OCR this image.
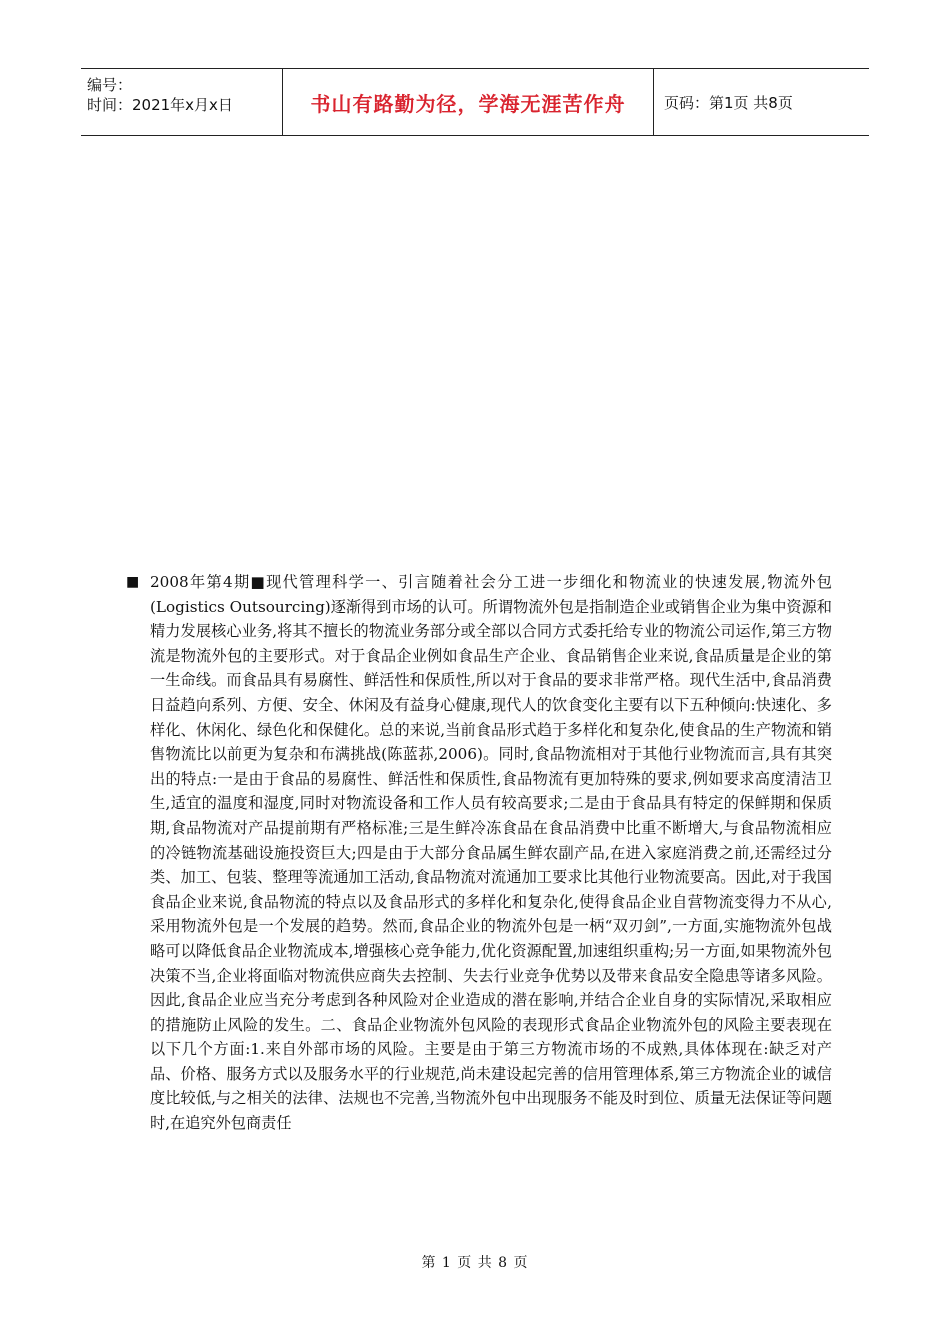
编号：
时间：2021年x月x日	书山有路勤为径，学海无涯苦作舟	页码：第1页 共8页
■ 2008年第4期■现代管理科学一、引言随着社会分工进一步细化和物流业的快速发展,物流外包(Logistics Outsourcing)逐渐得到市场的认可。所谓物流外包是指制造企业或销售企业为集中资源和精力发展核心业务,将其不擅长的物流业务部分或全部以合同方式委托给专业的物流公司运作,第三方物流是物流外包的主要形式。对于食品企业例如食品生产企业、食品销售企业来说,食品质量是企业的第一生命线。而食品具有易腐性、鲜活性和保质性,所以对于食品的要求非常严格。现代生活中,食品消费日益趋向系列、方便、安全、休闲及有益身心健康,现代人的饮食变化主要有以下五种倾向:快速化、多样化、休闲化、绿色化和保健化。总的来说,当前食品形式趋于多样化和复杂化,使食品的生产物流和销售物流比以前更为复杂和布满挑战(陈蓝荪,2006)。同时,食品物流相对于其他行业物流而言,具有其突出的特点:一是由于食品的易腐性、鲜活性和保质性,食品物流有更加特殊的要求,例如要求高度清洁卫生,适宜的温度和湿度,同时对物流设备和工作人员有较高要求;二是由于食品具有特定的保鲜期和保质期,食品物流对产品提前期有严格标准;三是生鲜冷冻食品在食品消费中比重不断增大,与食品物流相应的冷链物流基础设施投资巨大;四是由于大部分食品属生鲜农副产品,在进入家庭消费之前,还需经过分类、加工、包装、整理等流通加工活动,食品物流对流通加工要求比其他行业物流要高。因此,对于我国食品企业来说,食品物流的特点以及食品形式的多样化和复杂化,使得食品企业自营物流变得力不从心,采用物流外包是一个发展的趋势。然而,食品企业的物流外包是一柄“双刃剑”,一方面,实施物流外包战略可以降低食品企业物流成本,增强核心竞争能力,优化资源配置,加速组织重构;另一方面,如果物流外包决策不当,企业将面临对物流供应商失去控制、失去行业竞争优势以及带来食品安全隐患等诸多风险。因此,食品企业应当充分考虑到各种风险对企业造成的潜在影响,并结合企业自身的实际情况,采取相应的措施防止风险的发生。二、食品企业物流外包风险的表现形式食品企业物流外包的风险主要表现在以下几个方面:1.来自外部市场的风险。主要是由于第三方物流市场的不成熟,具体体现在:缺乏对产品、价格、服务方式以及服务水平的行业规范,尚未建设起完善的信用管理体系,第三方物流企业的诚信度比较低,与之相关的法律、法规也不完善,当物流外包中出现服务不能及时到位、质量无法保证等问题时,在追究外包商责任
第 1 页 共 8 页
